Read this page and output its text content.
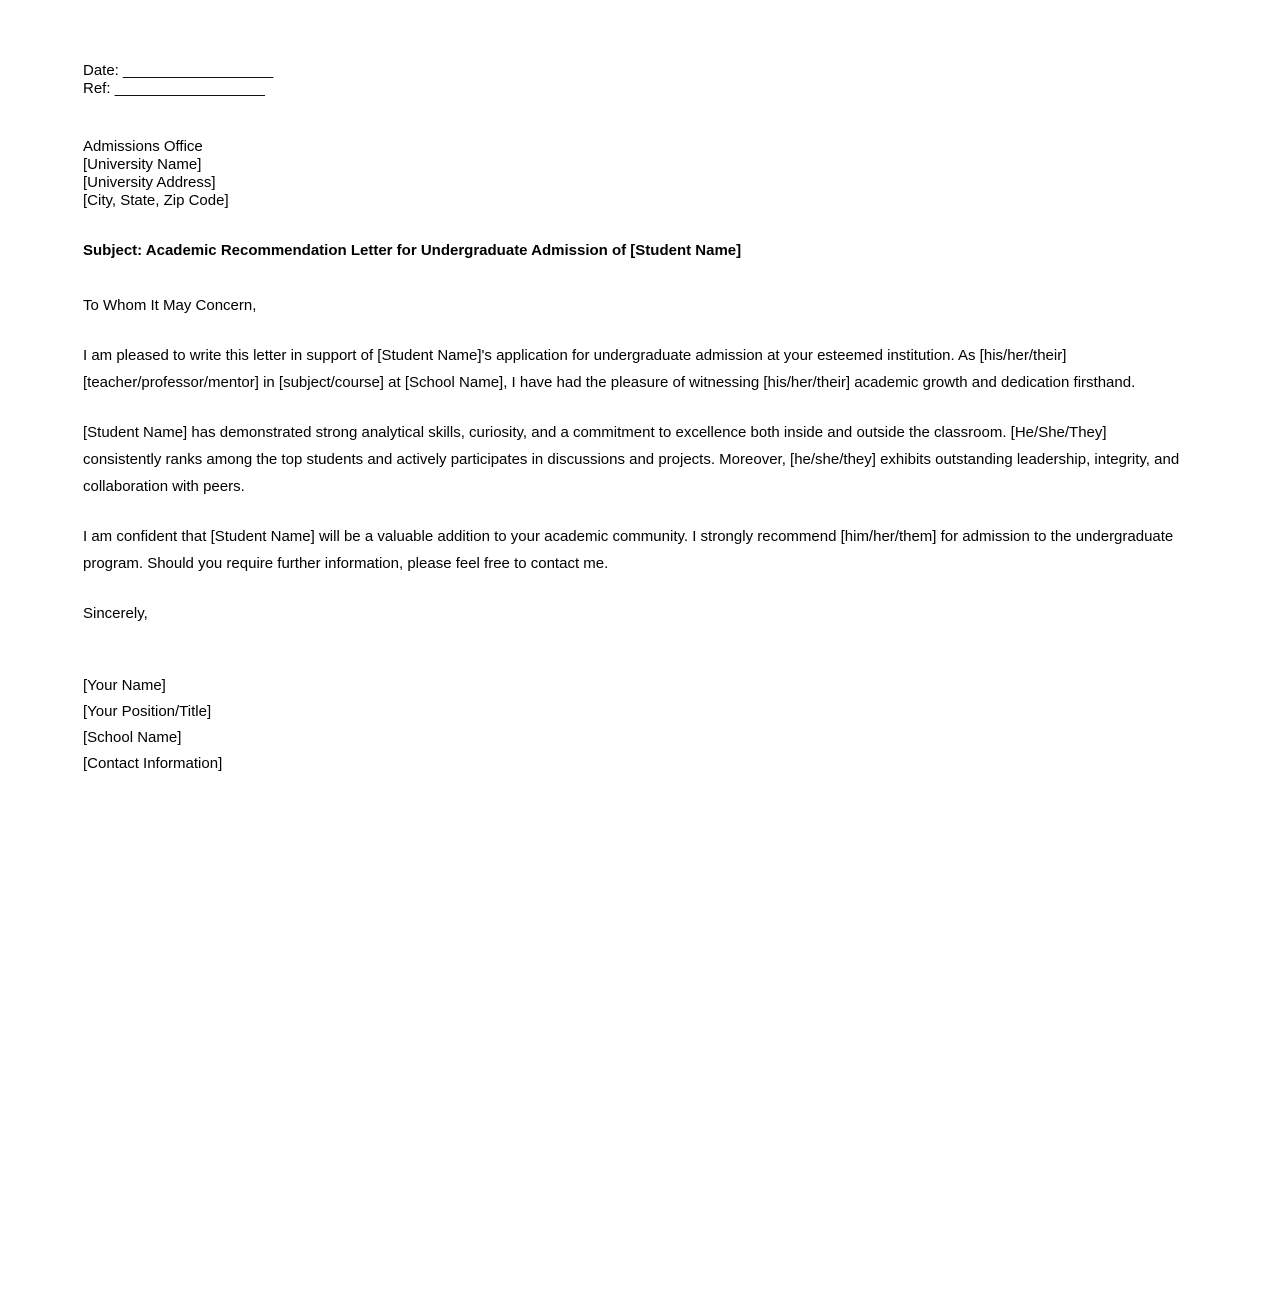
Date: __________________
Ref: __________________
Admissions Office
[University Name]
[University Address]
[City, State, Zip Code]
Subject: Academic Recommendation Letter for Undergraduate Admission of [Student Name]

To Whom It May Concern,

I am pleased to write this letter in support of [Student Name]'s application for undergraduate admission at your esteemed institution. As [his/her/their] [teacher/professor/mentor] in [subject/course] at [School Name], I have had the pleasure of witnessing [his/her/their] academic growth and dedication firsthand.

[Student Name] has demonstrated strong analytical skills, curiosity, and a commitment to excellence both inside and outside the classroom. [He/She/They] consistently ranks among the top students and actively participates in discussions and projects. Moreover, [he/she/they] exhibits outstanding leadership, integrity, and collaboration with peers.

I am confident that [Student Name] will be a valuable addition to your academic community. I strongly recommend [him/her/them] for admission to the undergraduate program. Should you require further information, please feel free to contact me.

Sincerely,

[Your Name]
[Your Position/Title]
[School Name]
[Contact Information]
